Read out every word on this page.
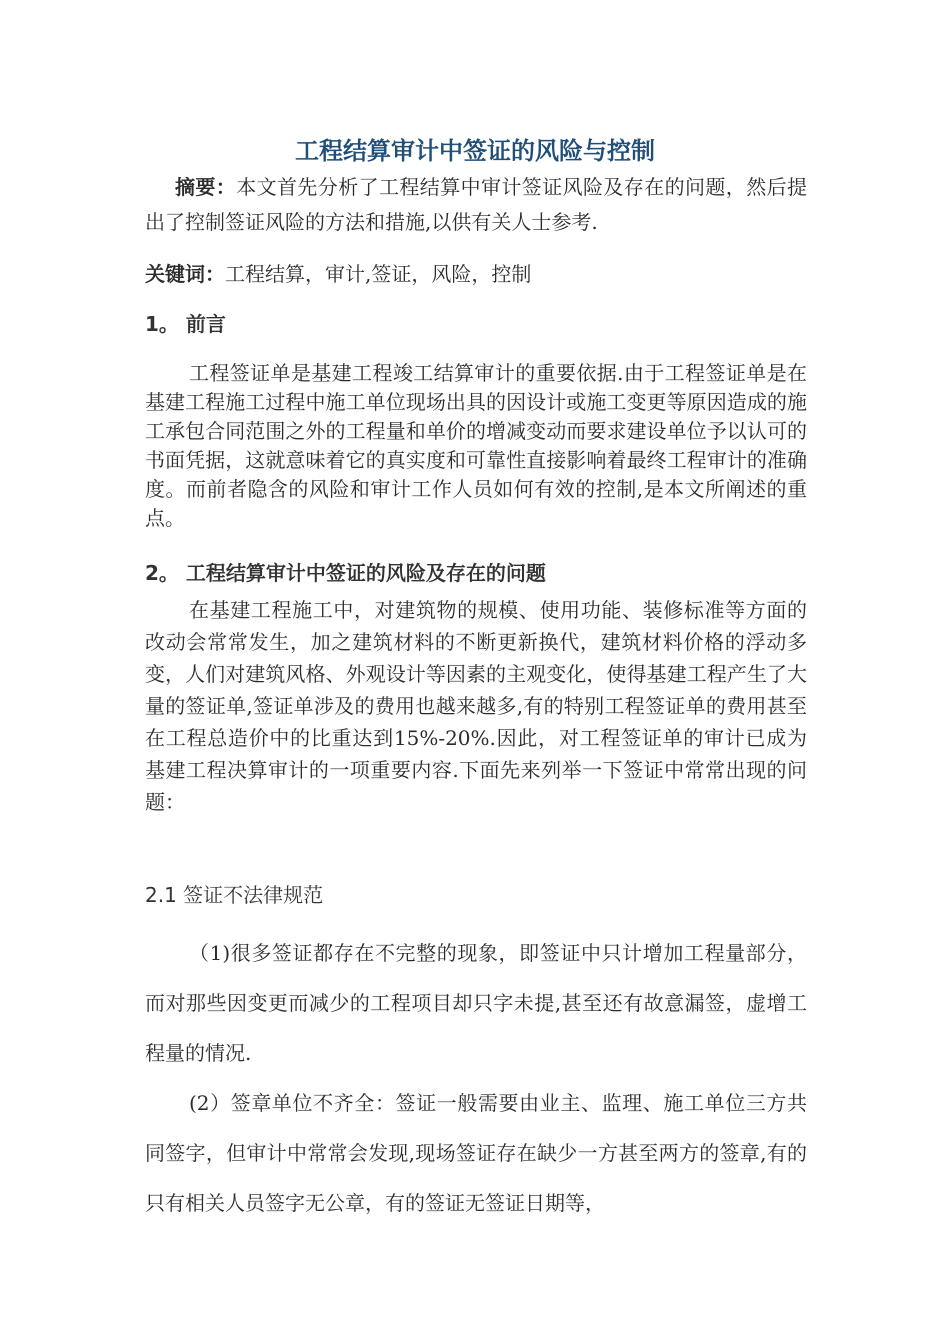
工程结算审计中签证的风险与控制
摘要：本文首先分析了工程结算中审计签证风险及存在的问题，然后提出了控制签证风险的方法和措施,以供有关人士参考.
关键词：工程结算，审计,签证，风险，控制
1。 前言
工程签证单是基建工程竣工结算审计的重要依据.由于工程签证单是在基建工程施工过程中施工单位现场出具的因设计或施工变更等原因造成的施工承包合同范围之外的工程量和单价的增减变动而要求建设单位予以认可的书面凭据，这就意味着它的真实度和可靠性直接影响着最终工程审计的准确度。而前者隐含的风险和审计工作人员如何有效的控制,是本文所阐述的重点。
2。 工程结算审计中签证的风险及存在的问题
在基建工程施工中，对建筑物的规模、使用功能、装修标准等方面的改动会常常发生，加之建筑材料的不断更新换代，建筑材料价格的浮动多变，人们对建筑风格、外观设计等因素的主观变化，使得基建工程产生了大量的签证单,签证单涉及的费用也越来越多,有的特别工程签证单的费用甚至在工程总造价中的比重达到15%-20%.因此，对工程签证单的审计已成为基建工程决算审计的一项重要内容.下面先来列举一下签证中常常出现的问题：
2.1 签证不法律规范
（1)很多签证都存在不完整的现象，即签证中只计增加工程量部分，而对那些因变更而减少的工程项目却只字未提,甚至还有故意漏签，虚增工程量的情况.
(2）签章单位不齐全：签证一般需要由业主、监理、施工单位三方共同签字，但审计中常常会发现,现场签证存在缺少一方甚至两方的签章,有的只有相关人员签字无公章，有的签证无签证日期等，
